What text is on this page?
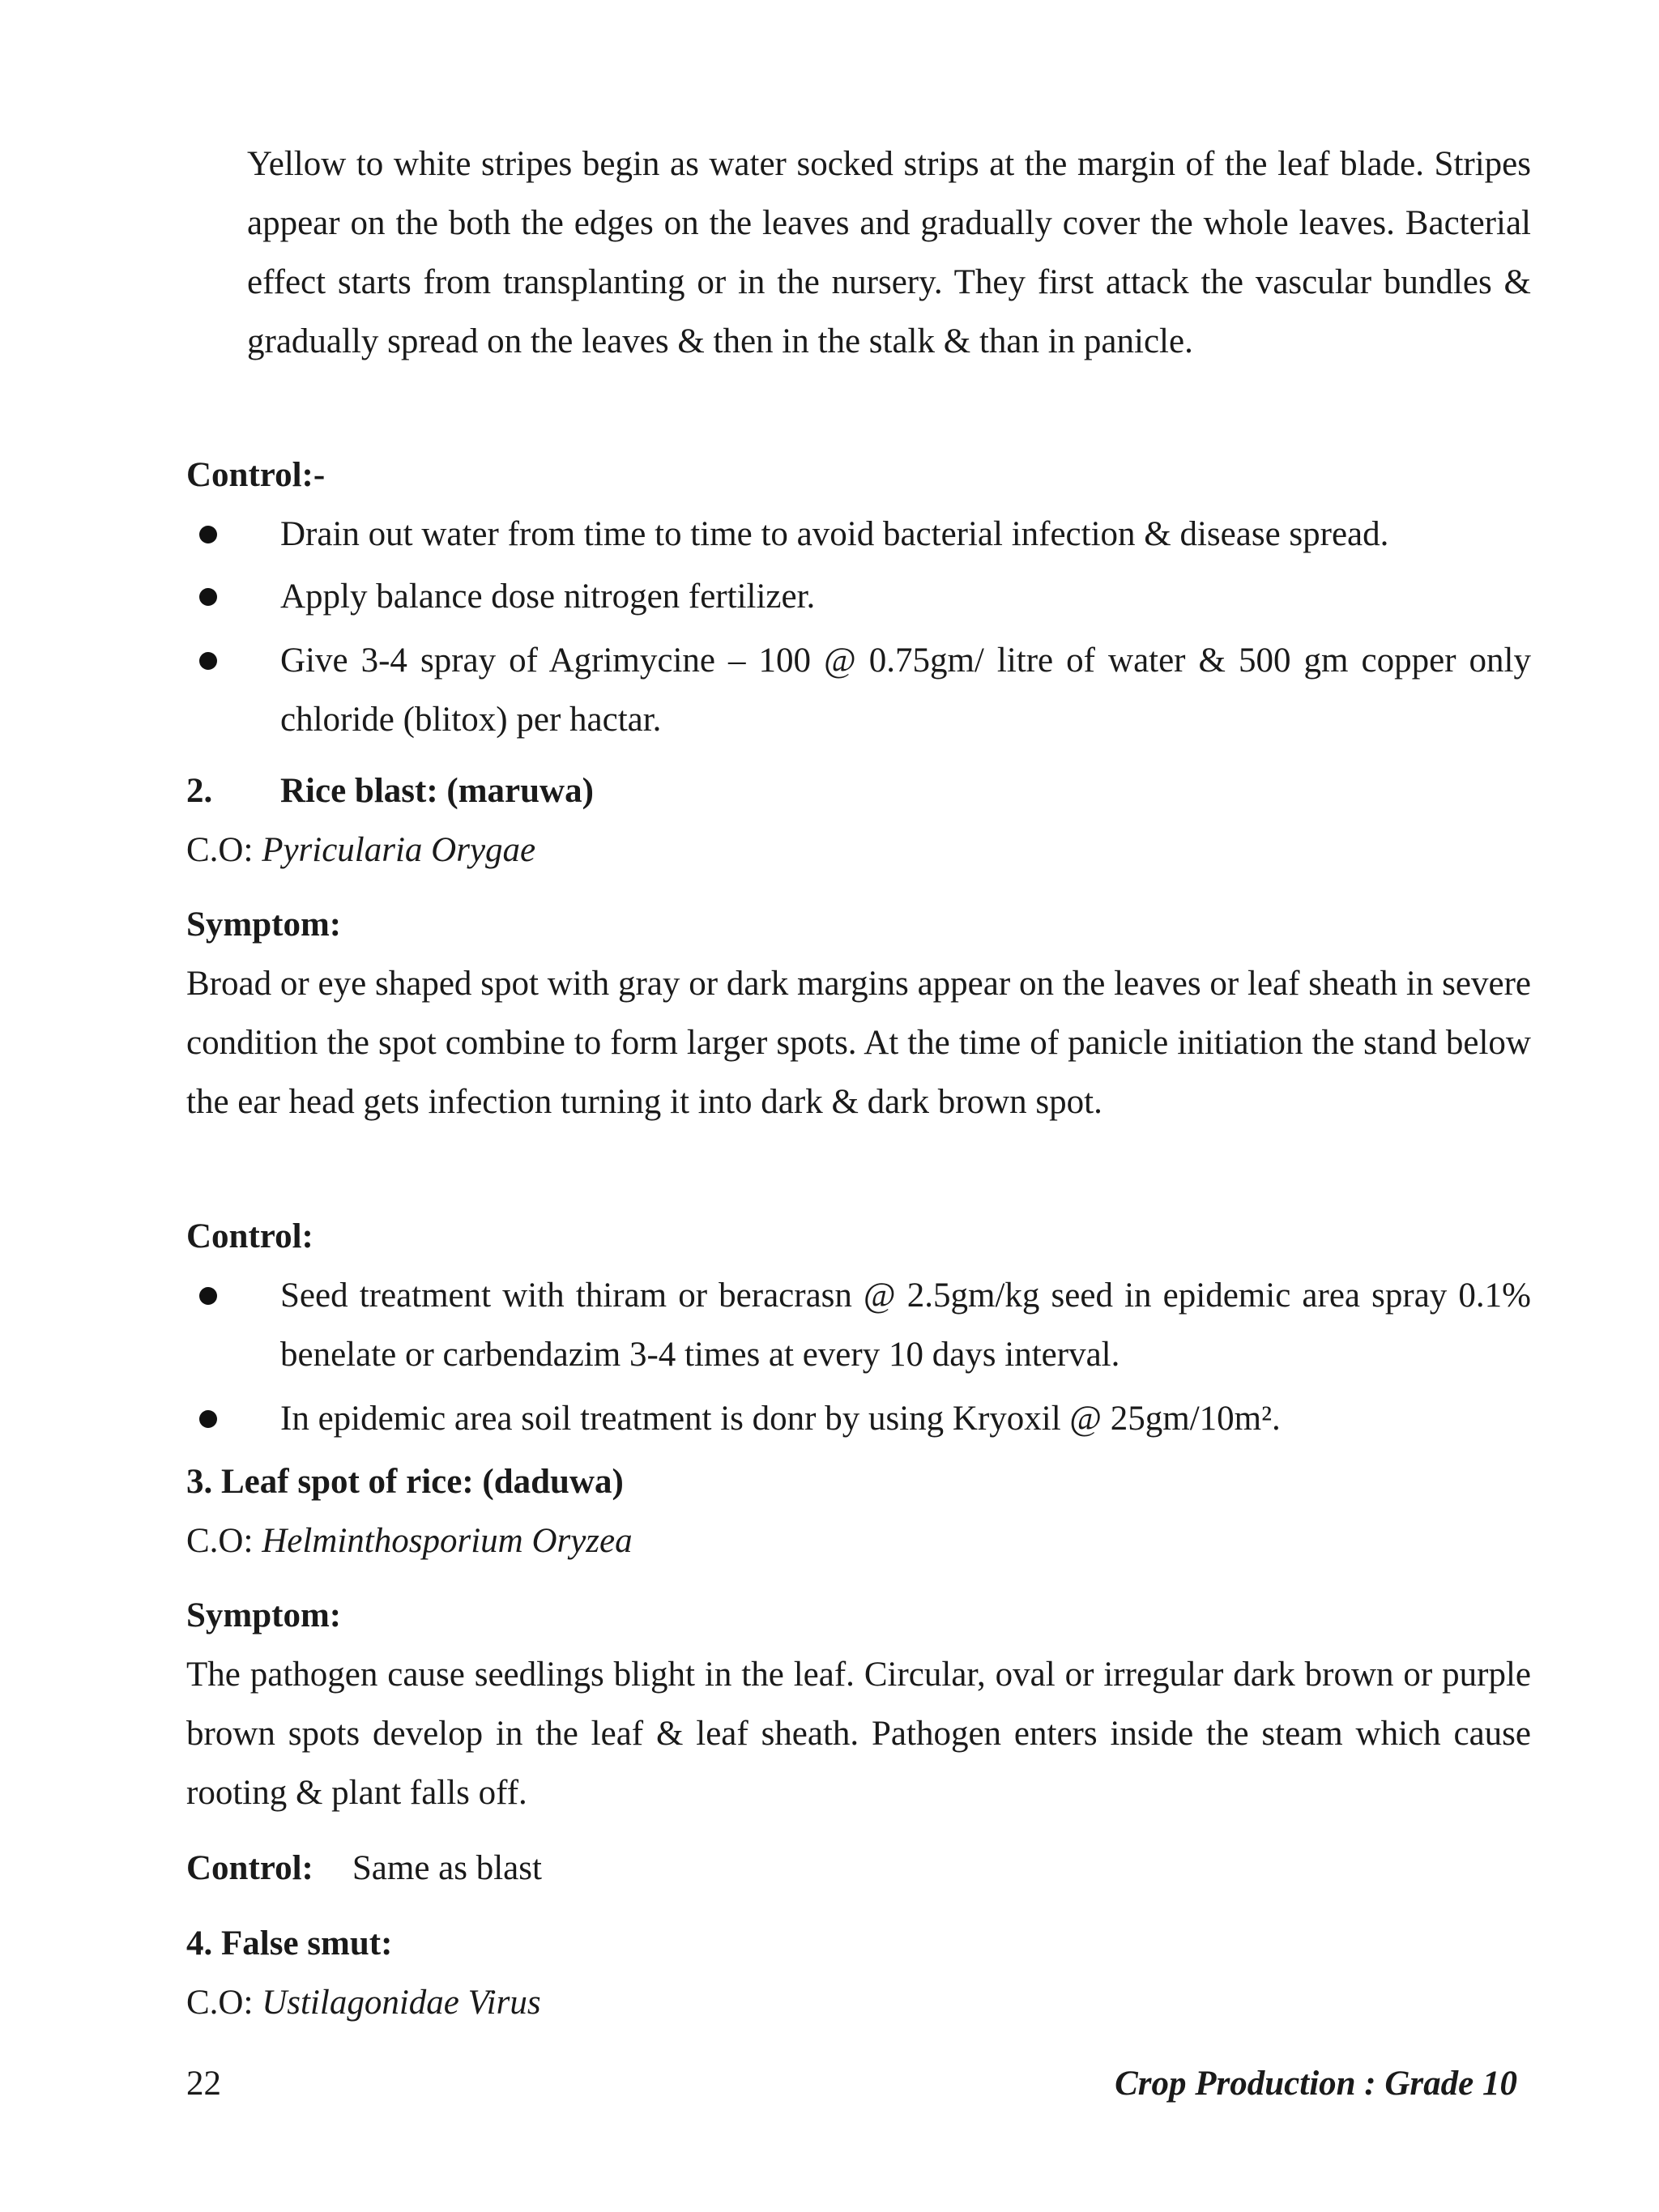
Yellow to white stripes begin as water socked strips at the margin of the leaf blade. Stripes appear on the both the edges on the leaves and gradually cover the whole leaves. Bacterial effect starts from transplanting or in the nursery. They first attack the vascular bundles & gradually spread on the leaves & then in the stalk & than in panicle.
Control:-
Drain out water from time to time to avoid bacterial infection & disease spread.
Apply balance dose nitrogen fertilizer.
Give 3-4 spray of Agrimycine – 100 @ 0.75gm/ litre of water & 500 gm copper only chloride (blitox) per hactar.
2. Rice blast: (maruwa)
C.O: Pyricularia Orygae
Symptom:
Broad or eye shaped spot with gray or dark margins appear on the leaves or leaf sheath in severe condition the spot combine to form larger spots. At the time of panicle initiation the stand below the ear head gets infection turning it into dark & dark brown spot.
Control:
Seed treatment with thiram or beracrasn @ 2.5gm/kg seed in epidemic area spray 0.1% benelate or carbendazim 3-4 times at every 10 days interval.
In epidemic area soil treatment is donr by using Kryoxil @ 25gm/10m².
3. Leaf spot of rice: (daduwa)
C.O: Helminthosporium Oryzea
Symptom:
The pathogen cause seedlings blight in the leaf. Circular, oval or irregular dark brown or purple brown spots develop in the leaf & leaf sheath. Pathogen enters inside the steam which cause rooting & plant falls off.
Control: Same as blast
4. False smut:
C.O: Ustilagonidae Virus
22	Crop Production : Grade 10
